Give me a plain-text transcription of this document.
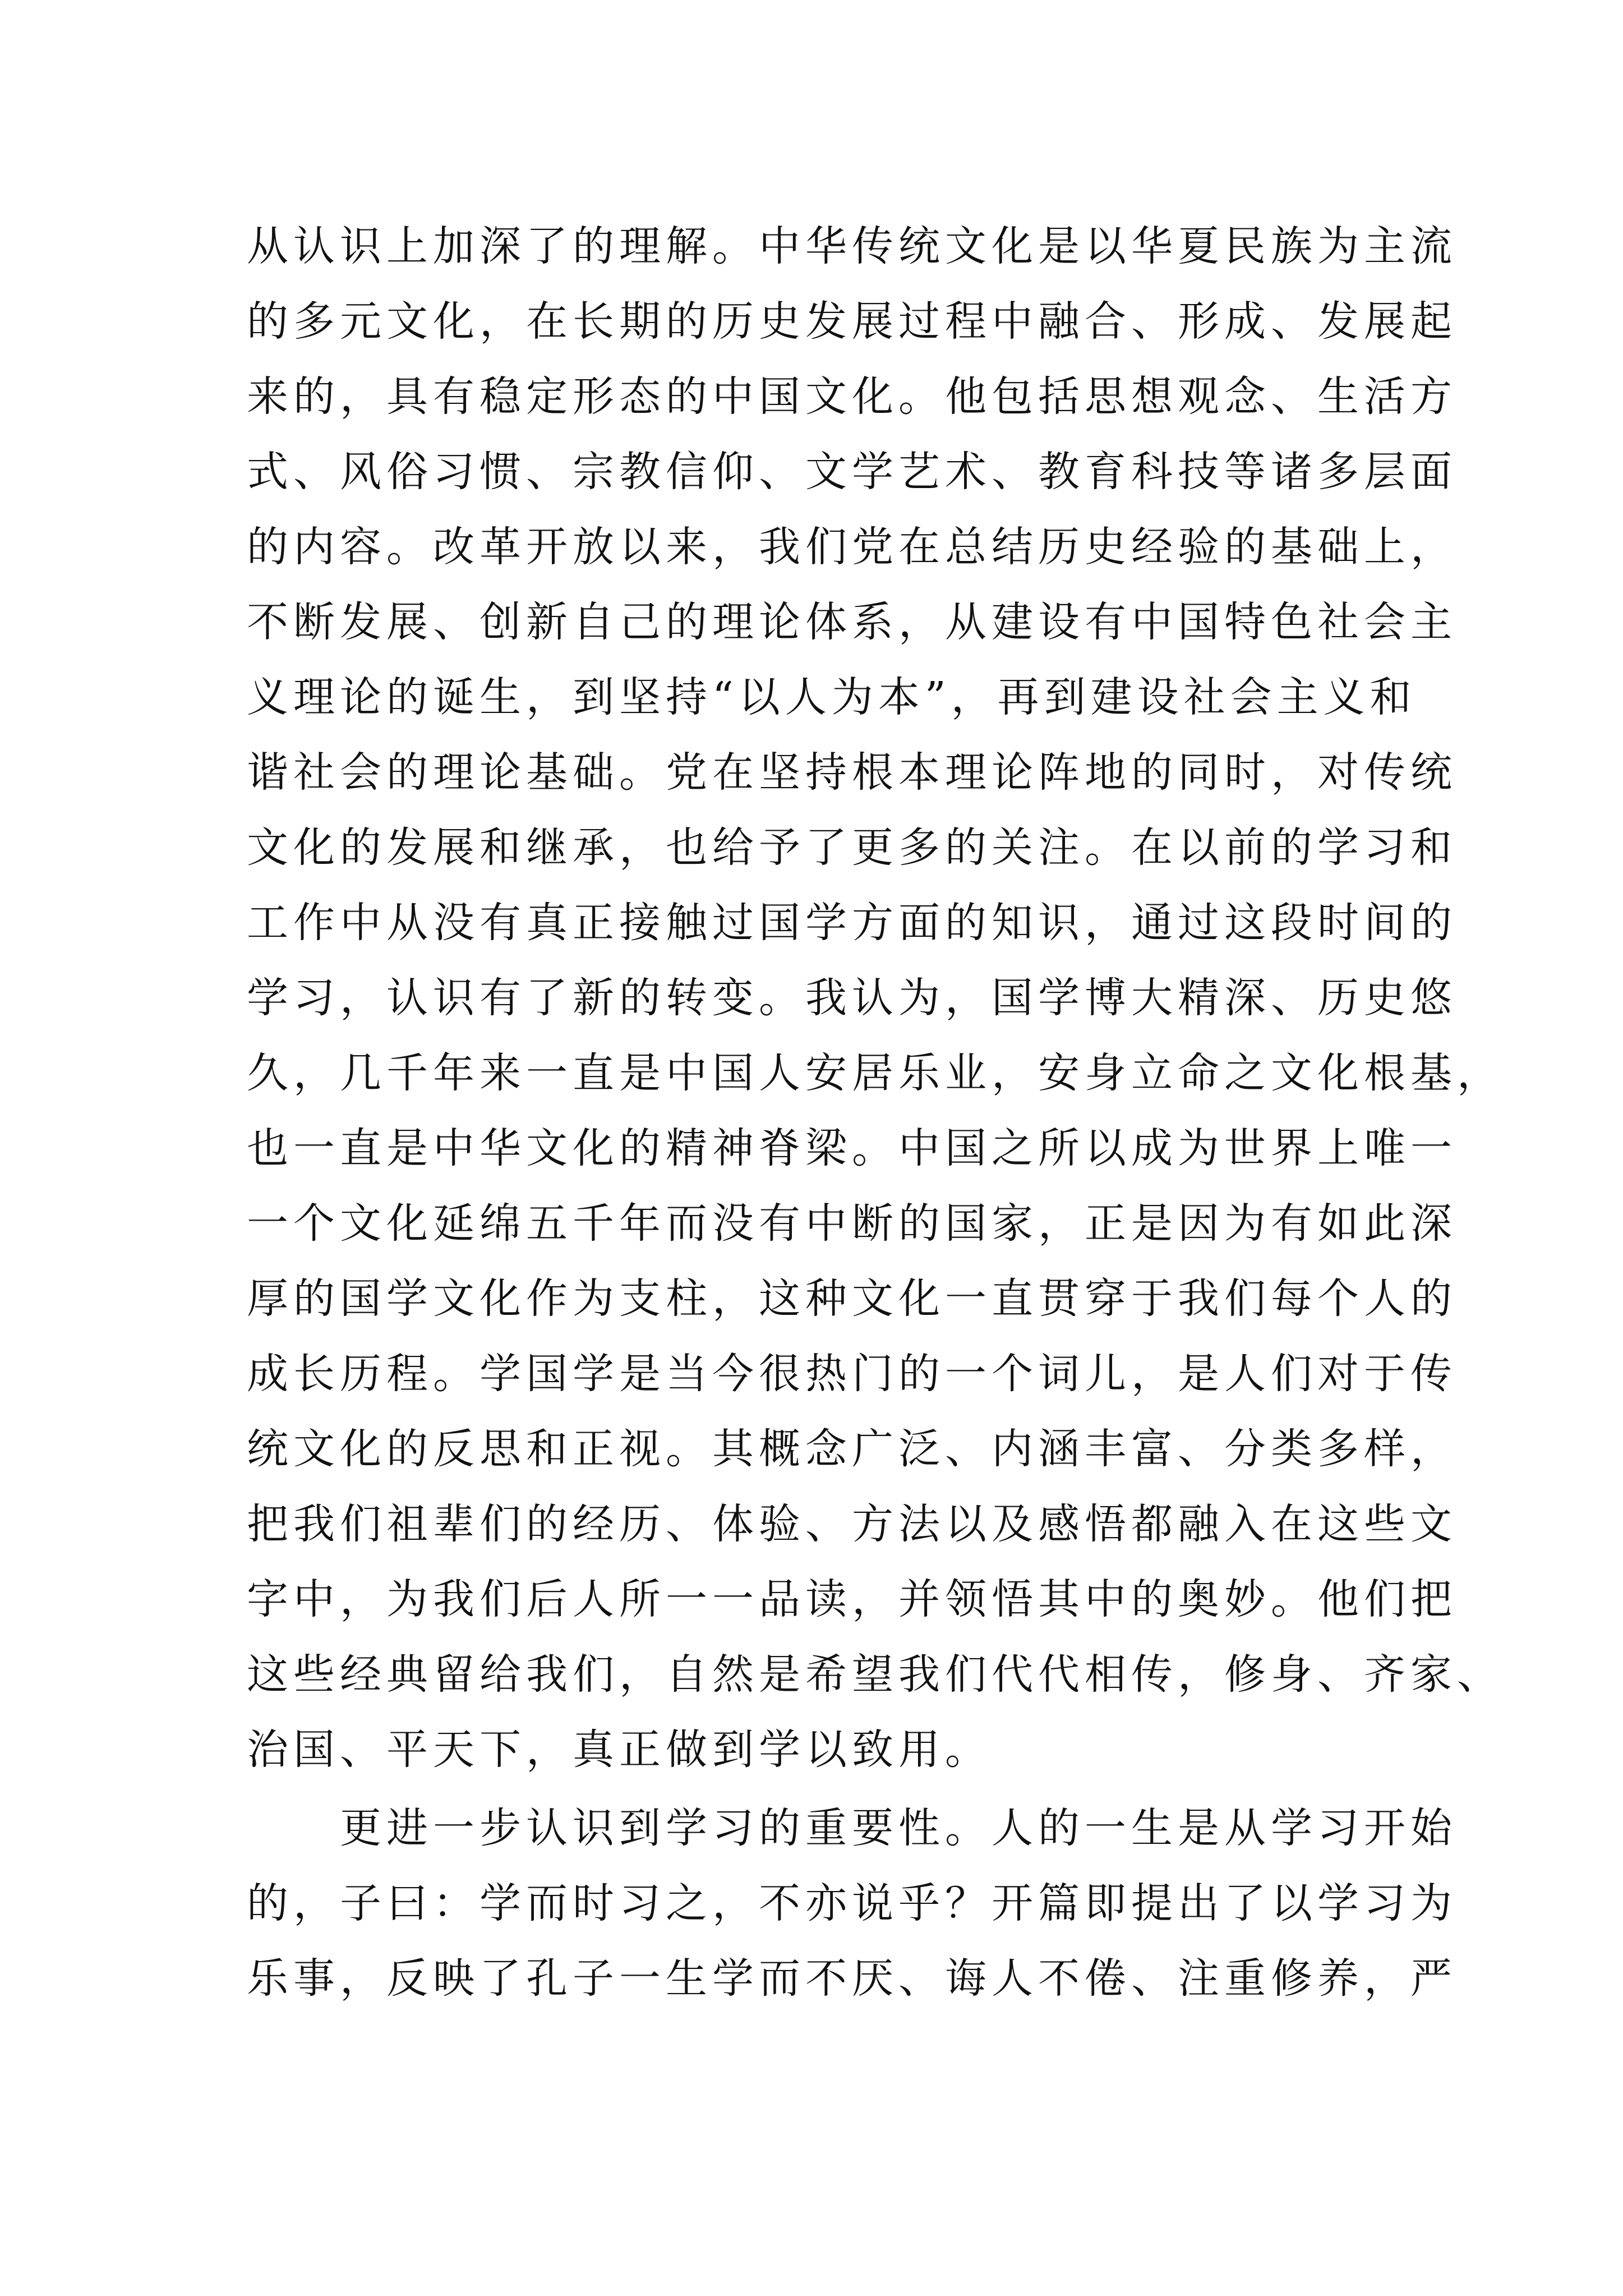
从认识上加深了的理解。中华传统文化是以华夏民族为主流
的多元文化，在长期的历史发展过程中融合、形成、发展起
来的，具有稳定形态的中国文化。他包括思想观念、生活方
式、风俗习惯、宗教信仰、文学艺术、教育科技等诸多层面
的内容。改革开放以来，我们党在总结历史经验的基础上，
不断发展、创新自己的理论体系，从建设有中国特色社会主
义理论的诞生，到坚持“以人为本”，再到建设社会主义和
谐社会的理论基础。党在坚持根本理论阵地的同时，对传统
文化的发展和继承，也给予了更多的关注。在以前的学习和
工作中从没有真正接触过国学方面的知识，通过这段时间的
学习，认识有了新的转变。我认为，国学博大精深、历史悠
久，几千年来一直是中国人安居乐业，安身立命之文化根基，
也一直是中华文化的精神脊梁。中国之所以成为世界上唯一
一个文化延绵五千年而没有中断的国家，正是因为有如此深
厚的国学文化作为支柱，这种文化一直贯穿于我们每个人的
成长历程。学国学是当今很热门的一个词儿，是人们对于传
统文化的反思和正视。其概念广泛、内涵丰富、分类多样，
把我们祖辈们的经历、体验、方法以及感悟都融入在这些文
字中，为我们后人所一一品读，并领悟其中的奥妙。他们把
这些经典留给我们，自然是希望我们代代相传，修身、齐家、
治国、平天下，真正做到学以致用。

更进一步认识到学习的重要性。人的一生是从学习开始
的，子曰：学而时习之，不亦说乎？开篇即提出了以学习为
乐事，反映了孔子一生学而不厌、诲人不倦、注重修养，严
